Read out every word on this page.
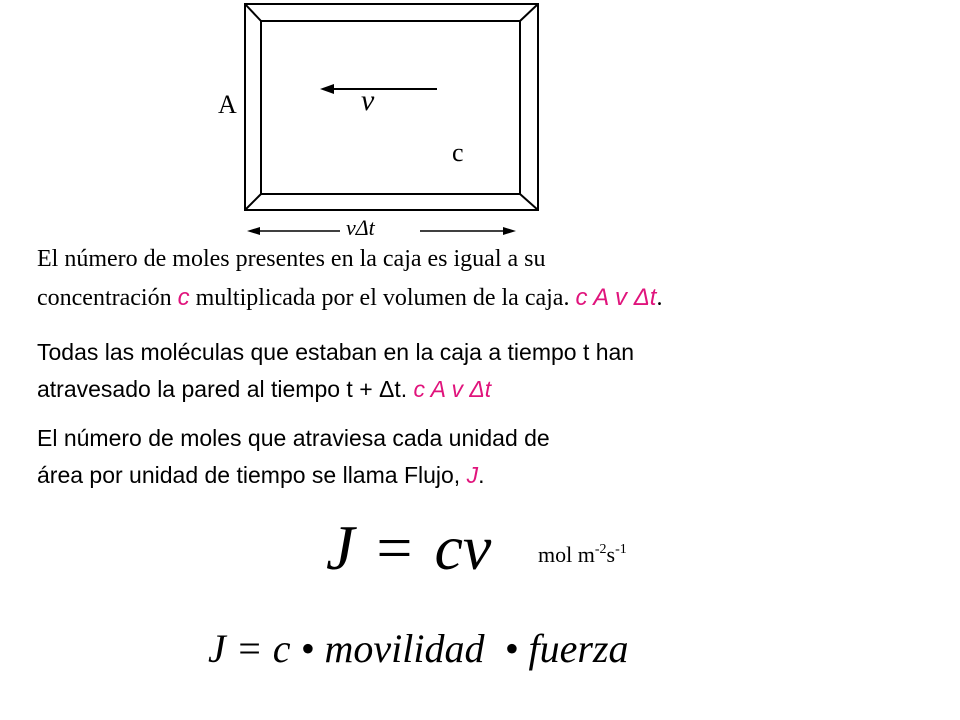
A	v
c
vΔt
El número de moles presentes en la caja es igual a su
concentración c multiplicada por el volumen de la caja. c A v Δt.
Todas las moléculas que estaban en la caja a tiempo t han
atravesado la pared al tiempo t + Δt. c A v Δt
El número de moles que atraviesa cada unidad de
área por unidad de tiempo se llama Flujo, J.
J = cv mol $m^{-2}s^{-1}$
J = c • movilidad  • fuerza
